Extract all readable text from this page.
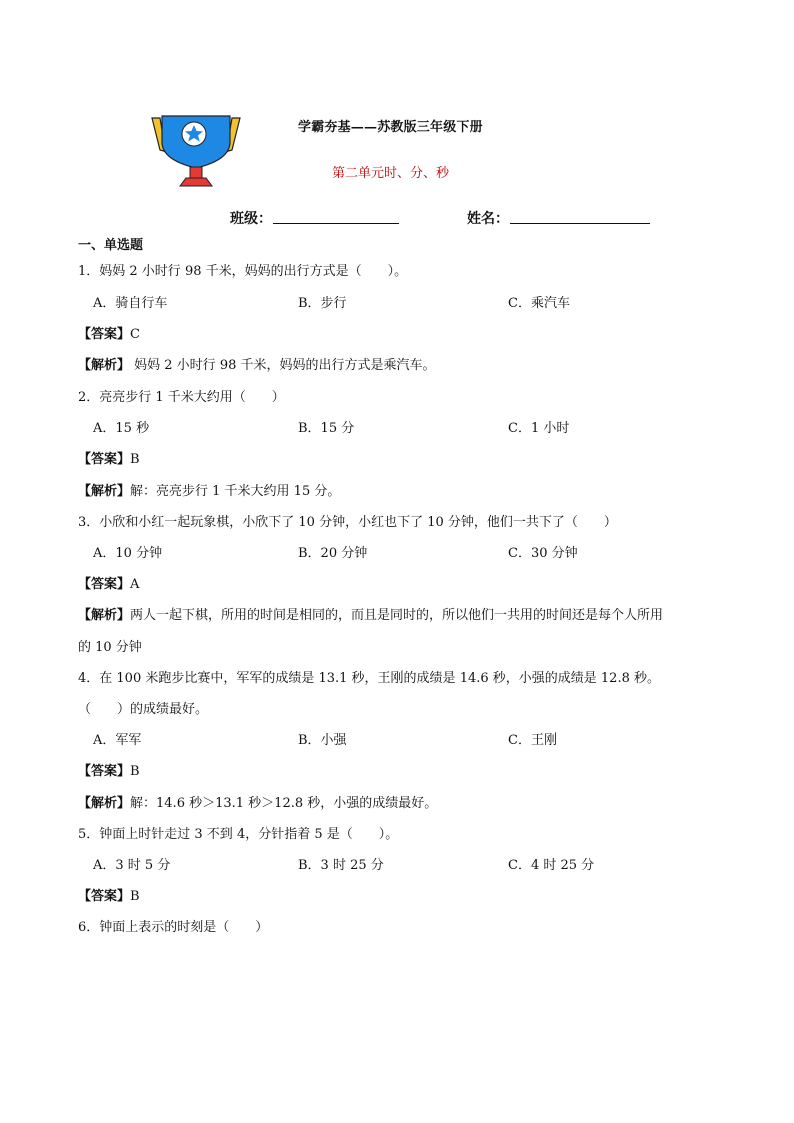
学霸夯基——苏教版三年级下册
第二单元时、分、秒
班级：	姓名：
一、单选题
1．妈妈 2 小时行 98 千米，妈妈的出行方式是（　　）。
A．骑自行车	B．步行	C．乘汽车
【答案】C
【解析】 妈妈 2 小时行 98 千米，妈妈的出行方式是乘汽车。
2．亮亮步行 1 千米大约用（　　）
A．15 秒	B．15 分	C．1 小时
【答案】B
【解析】解：亮亮步行 1 千米大约用 15 分。
3．小欣和小红一起玩象棋，小欣下了 10 分钟，小红也下了 10 分钟，他们一共下了（　　）
A．10 分钟	B．20 分钟	C．30 分钟
【答案】A
【解析】两人一起下棋，所用的时间是相同的，而且是同时的，所以他们一共用的时间还是每个人所用
的 10 分钟
4．在 100 米跑步比赛中，军军的成绩是 13.1 秒，王刚的成绩是 14.6 秒，小强的成绩是 12.8 秒。
（　　）的成绩最好。
A．军军	B．小强	C．王刚
【答案】B
【解析】解：14.6 秒＞13.1 秒＞12.8 秒，小强的成绩最好。
5．钟面上时针走过 3 不到 4，分针指着 5 是（　　）。
A．3 时 5 分	B．3 时 25 分	C．4 时 25 分
【答案】B
6．钟面上表示的时刻是（　　）
